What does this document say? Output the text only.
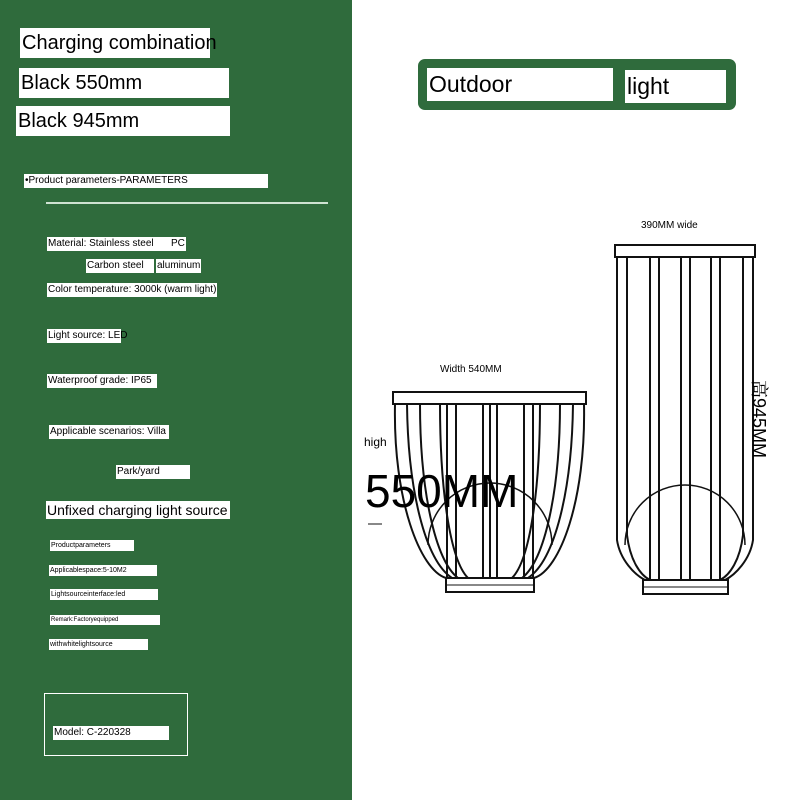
Charging combination
Black 550mm
Black 945mm
•Product parameters-PARAMETERS
Material: Stainless steel	PC
Carbon steel	aluminum
Color temperature: 3000k (warm light)
Light source: LED
Waterproof grade: IP65
Applicable scenarios: Villa
Park/yard
Unfixed charging light source
Productparameters
Applicablespace:5-10M2
Lightsourceinterface:led
Remark:Factoryequipped
withwhitelightsource
Model: C-220328
Outdoor	light
Width 540MM
high
550MM
390MM wide
高945MM
